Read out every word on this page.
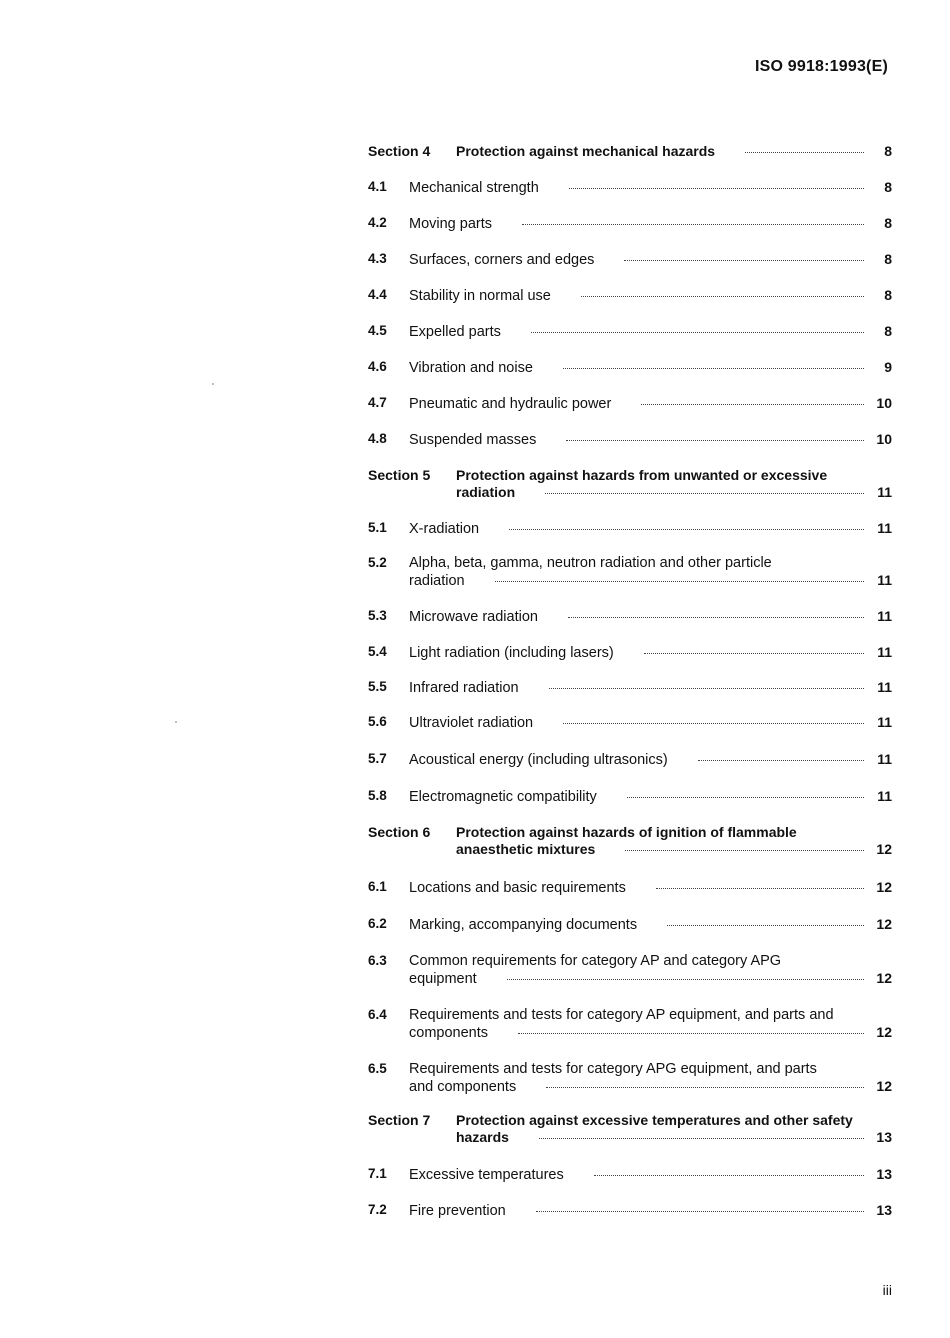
ISO 9918:1993(E)
Section 4 Protection against mechanical hazards	8
4.1 Mechanical strength	8
4.2 Moving parts	8
4.3 Surfaces, corners and edges	8
4.4 Stability in normal use	8
4.5 Expelled parts	8
4.6 Vibration and noise	9
4.7 Pneumatic and hydraulic power	10
4.8 Suspended masses	10
Section 5 Protection against hazards from unwanted or excessive
radiation	11
5.1 X-radiation	11
5.2 Alpha, beta, gamma, neutron radiation and other particle
radiation	11
5.3 Microwave radiation	11
5.4 Light radiation (including lasers)	11
5.5 Infrared radiation	11
5.6 Ultraviolet radiation	11
5.7 Acoustical energy (including ultrasonics)	11
5.8 Electromagnetic compatibility	11
Section 6 Protection against hazards of ignition of flammable
anaesthetic mixtures	12
6.1 Locations and basic requirements	12
6.2 Marking, accompanying documents	12
6.3 Common requirements for category AP and category APG
equipment	12
6.4 Requirements and tests for category AP equipment, and parts and
components	12
6.5 Requirements and tests for category APG equipment, and parts
and components	12
Section 7 Protection against excessive temperatures and other safety
hazards	13
7.1 Excessive temperatures	13
7.2 Fire prevention	13
iii
